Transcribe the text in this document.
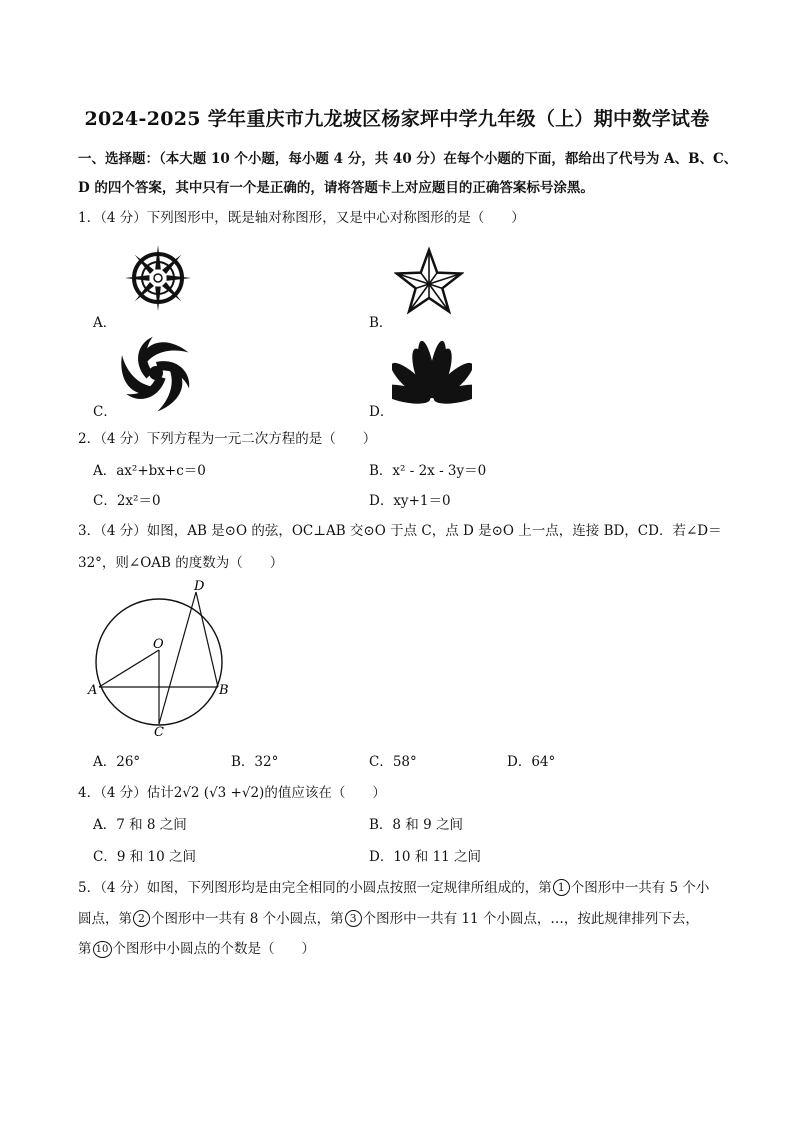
2024-2025 学年重庆市九龙坡区杨家坪中学九年级（上）期中数学试卷
一、选择题：（本大题 10 个小题，每小题 4 分，共 40 分）在每个小题的下面，都给出了代号为 A、B、C、
D 的四个答案，其中只有一个是正确的，请将答题卡上对应题目的正确答案标号涂黑。
1．（4 分）下列图形中，既是轴对称图形，又是中心对称图形的是（　　）
A．	B．
C．	D．
2．（4 分）下列方程为一元二次方程的是（　　）
A．ax²+bx+c＝0	B．x² - 2x - 3y＝0
C．2x²＝0	D．xy+1＝0
3．（4 分）如图，AB 是⊙O 的弦，OC⊥AB 交⊙O 于点 C，点 D 是⊙O 上一点，连接 BD，CD．若∠D＝
32°，则∠OAB 的度数为（　　）
D
O
A	B
C
A．26°	B．32°	C．58°	D．64°
4．（4 分）估计2√2 (√3 +√2)的值应该在（　　）
A．7 和 8 之间	B．8 和 9 之间
C．9 和 10 之间	D．10 和 11 之间
5．（4 分）如图，下列图形均是由完全相同的小圆点按照一定规律所组成的，第 1 个图形中一共有 5 个小
圆点，第 2 个图形中一共有 8 个小圆点，第 3 个图形中一共有 11 个小圆点，…，按此规律排列下去，
第 10 个图形中小圆点的个数是（　　）
